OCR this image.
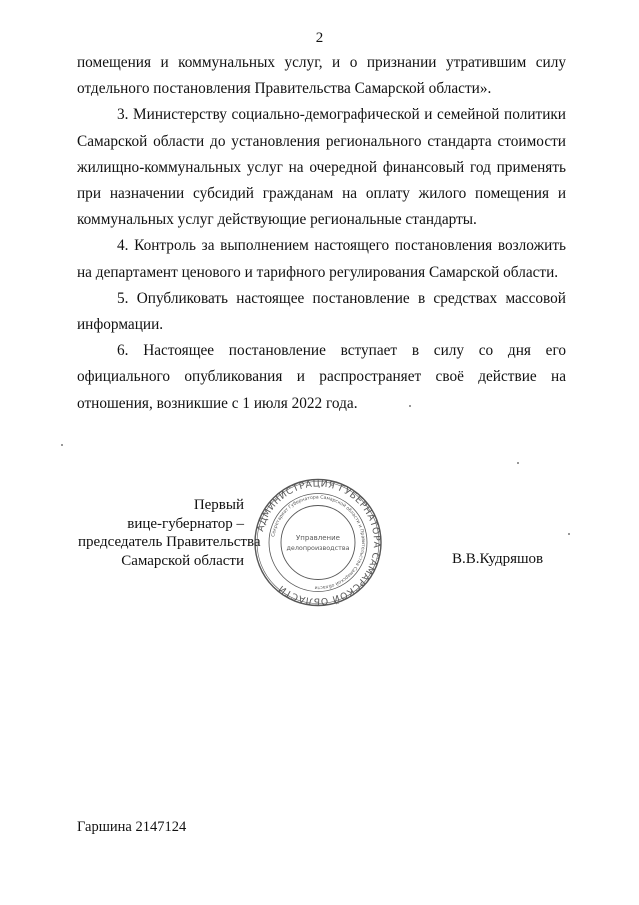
2

помещения и коммунальных услуг, и о признании утратившим силу отдельного постановления Правительства Самарской области».

3. Министерству социально-демографической и семейной политики Самарской области до установления регионального стандарта стоимости жилищно-коммунальных услуг на очередной финансовый год применять при назначении субсидий гражданам на оплату жилого помещения и коммунальных услуг действующие региональные стандарты.

4. Контроль за выполнением настоящего постановления возложить на департамент ценового и тарифного регулирования Самарской области.

5. Опубликовать настоящее постановление в средствах массовой информации.

6. Настоящее постановление вступает в силу со дня его официального опубликования и распространяет своё действие на отношения, возникшие с 1 июля 2022 года.

Первый
вице-губернатор –
председатель Правительства
Самарской области
АДМИНИСТРАЦИЯ ГУБЕРНАТОРА САМАРСКОЙ ОБЛАСТИ
Секретариат Губернатора Самарской области и Правительства Самарской области
Управление
делопроизводства
В.В.Кудряшов
Гаршина 2147124
